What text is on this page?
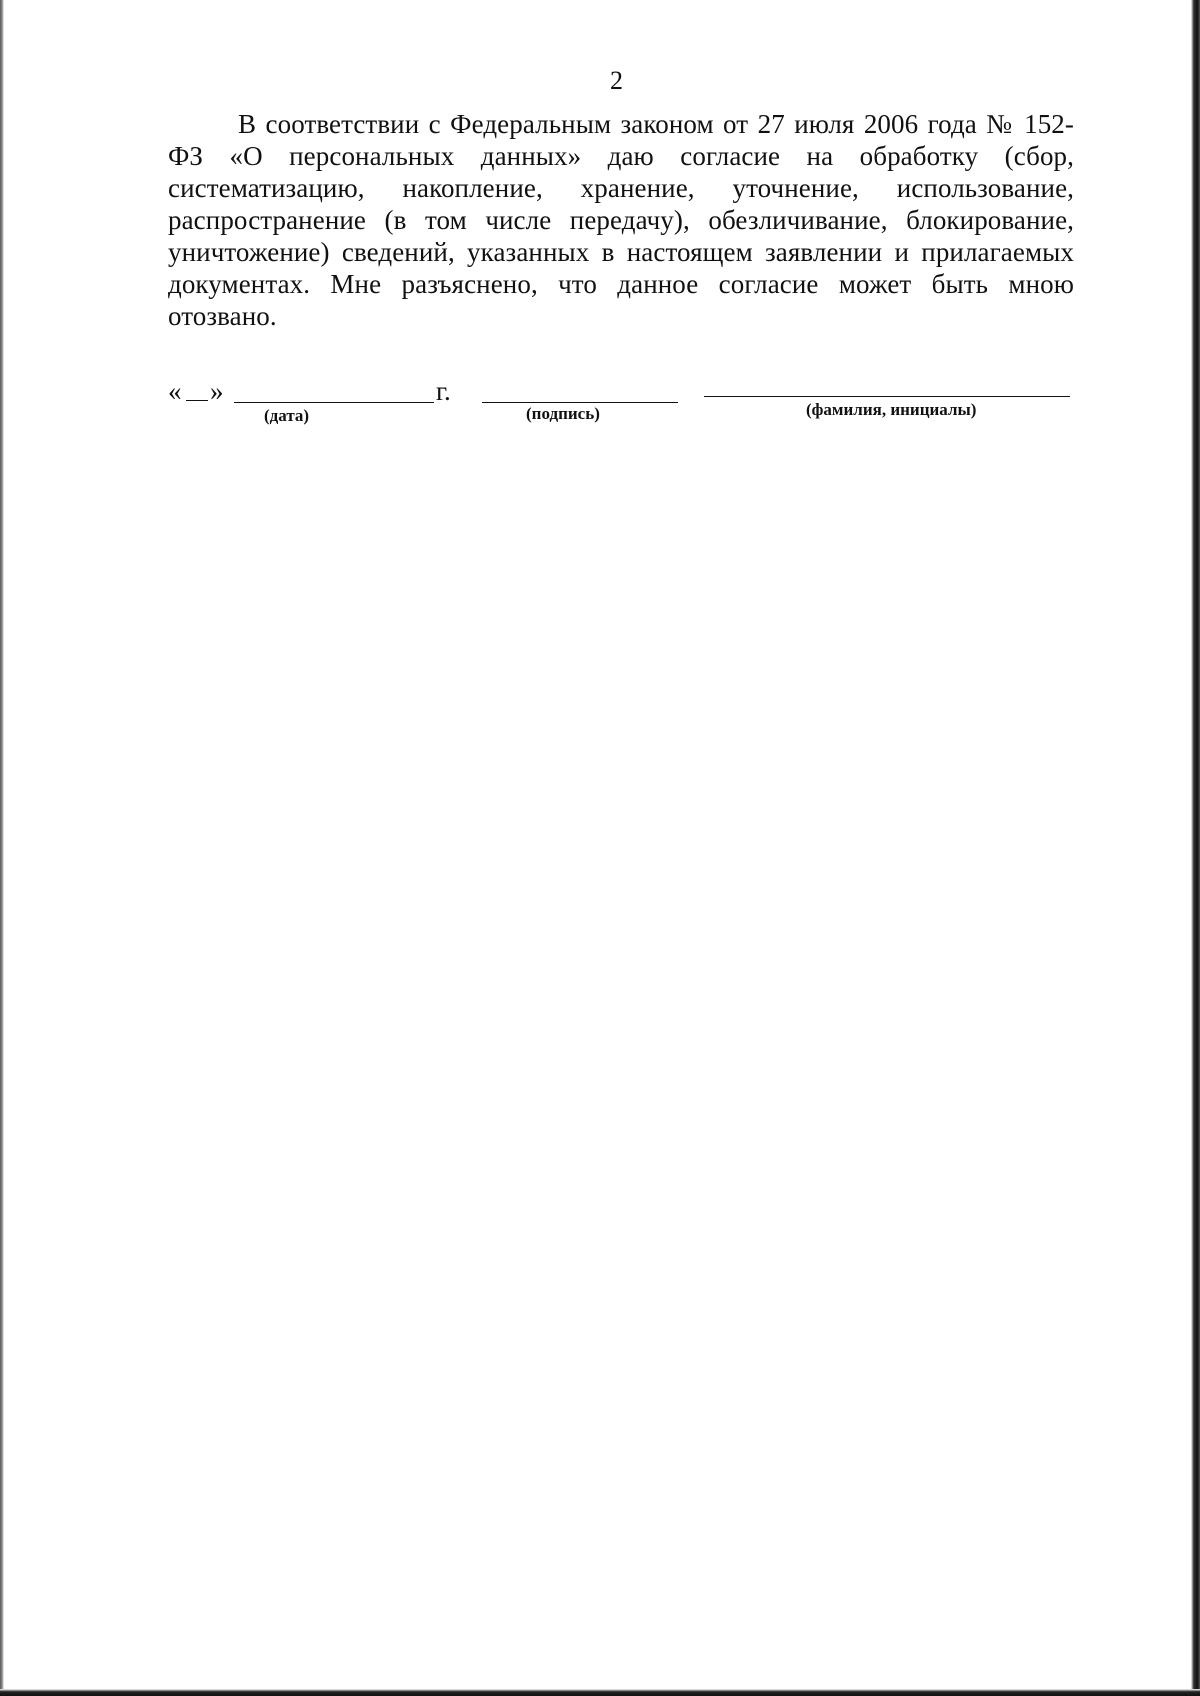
2

В соответствии с Федеральным законом от 27 июля 2006 года № 152-ФЗ «О персональных данных» даю согласие на обработку (сбор, систематизацию, накопление, хранение, уточнение, использование, распространение (в том числе передачу), обезличивание, блокирование, уничтожение) сведений, указанных в настоящем заявлении и прилагаемых документах. Мне разъяснено, что данное согласие может быть мною отозвано.

« »	г.
(дата)	(подпись)	(фамилия, инициалы)
